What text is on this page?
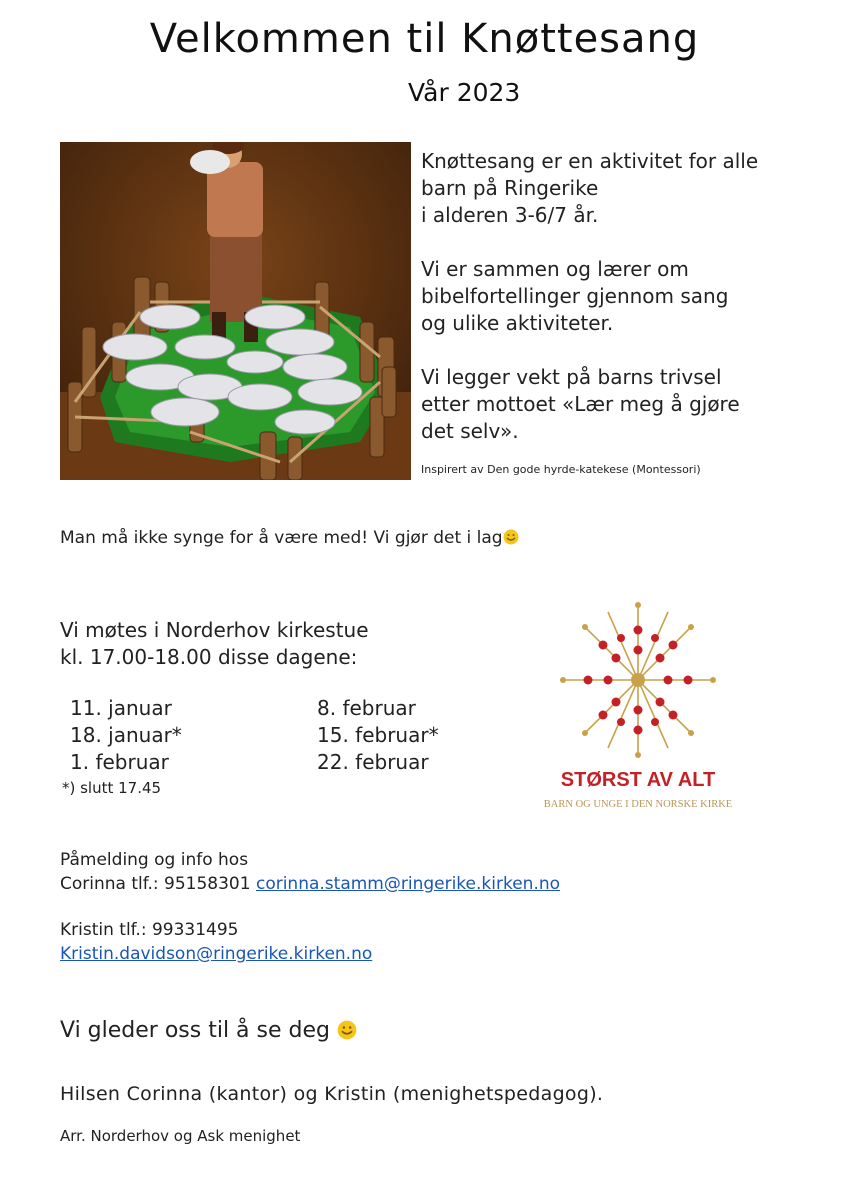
Velkommen til Knøttesang
Vår 2023

Knøttesang er en aktivitet for alle
barn på Ringerike
i alderen 3-6/7 år.

Vi er sammen og lærer om
bibelfortellinger gjennom sang
og ulike aktiviteter.

Vi legger vekt på barns trivsel
etter mottoet «Lær meg å gjøre
det selv».

Inspirert av Den gode hyrde-katekese (Montessori)
Man må ikke synge for å være med! Vi gjør det i lag
Vi møtes i Norderhov kirkestue
kl. 17.00-18.00 disse dagene:
11. januar
18. januar*
1. februar
8. februar
15. februar*
22. februar
*) slutt 17.45	STØRST AV ALT
BARN OG UNGE I DEN NORSKE KIRKE
Påmelding og info hos
Corinna tlf.: 95158301 corinna.stamm@ringerike.kirken.no
Kristin tlf.: 99331495
Kristin.davidson@ringerike.kirken.no
Vi gleder oss til å se deg
Hilsen Corinna (kantor) og Kristin (menighetspedagog).
Arr. Norderhov og Ask menighet
